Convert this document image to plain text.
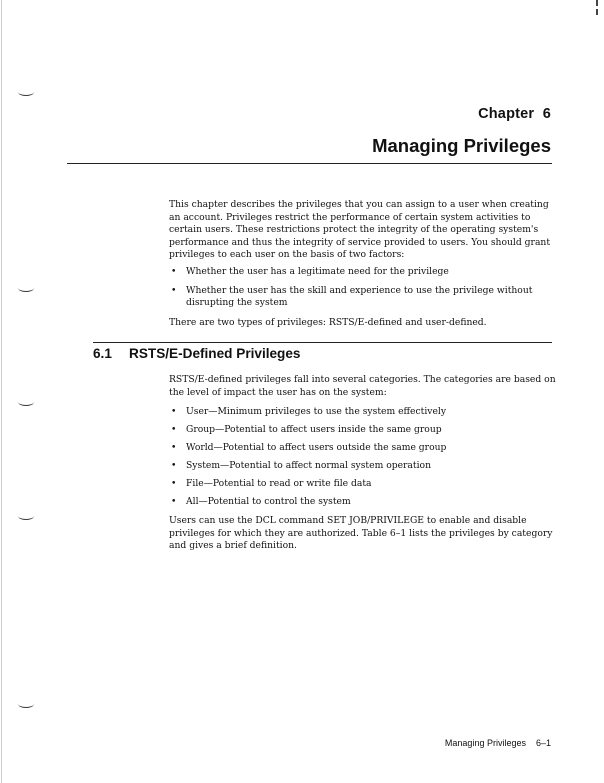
Chapter  6

Managing Privileges

This chapter describes the privileges that you can assign to a user when creating an account. Privileges restrict the performance of certain system activities to certain users. These restrictions protect the integrity of the operating system's performance and thus the integrity of service provided to users. You should grant privileges to each user on the basis of two factors:

• Whether the user has a legitimate need for the privilege
• Whether the user has the skill and experience to use the privilege without disrupting the system

There are two types of privileges: RSTS/E-defined and user-defined.

6.1 RSTS/E-Defined Privileges

RSTS/E-defined privileges fall into several categories. The categories are based on the level of impact the user has on the system:

• User—Minimum privileges to use the system effectively
• Group—Potential to affect users inside the same group
• World—Potential to affect users outside the same group
• System—Potential to affect normal system operation
• File—Potential to read or write file data
• All—Potential to control the system

Users can use the DCL command SET JOB/PRIVILEGE to enable and disable privileges for which they are authorized. Table 6–1 lists the privileges by category and gives a brief definition.

Managing Privileges 6–1
